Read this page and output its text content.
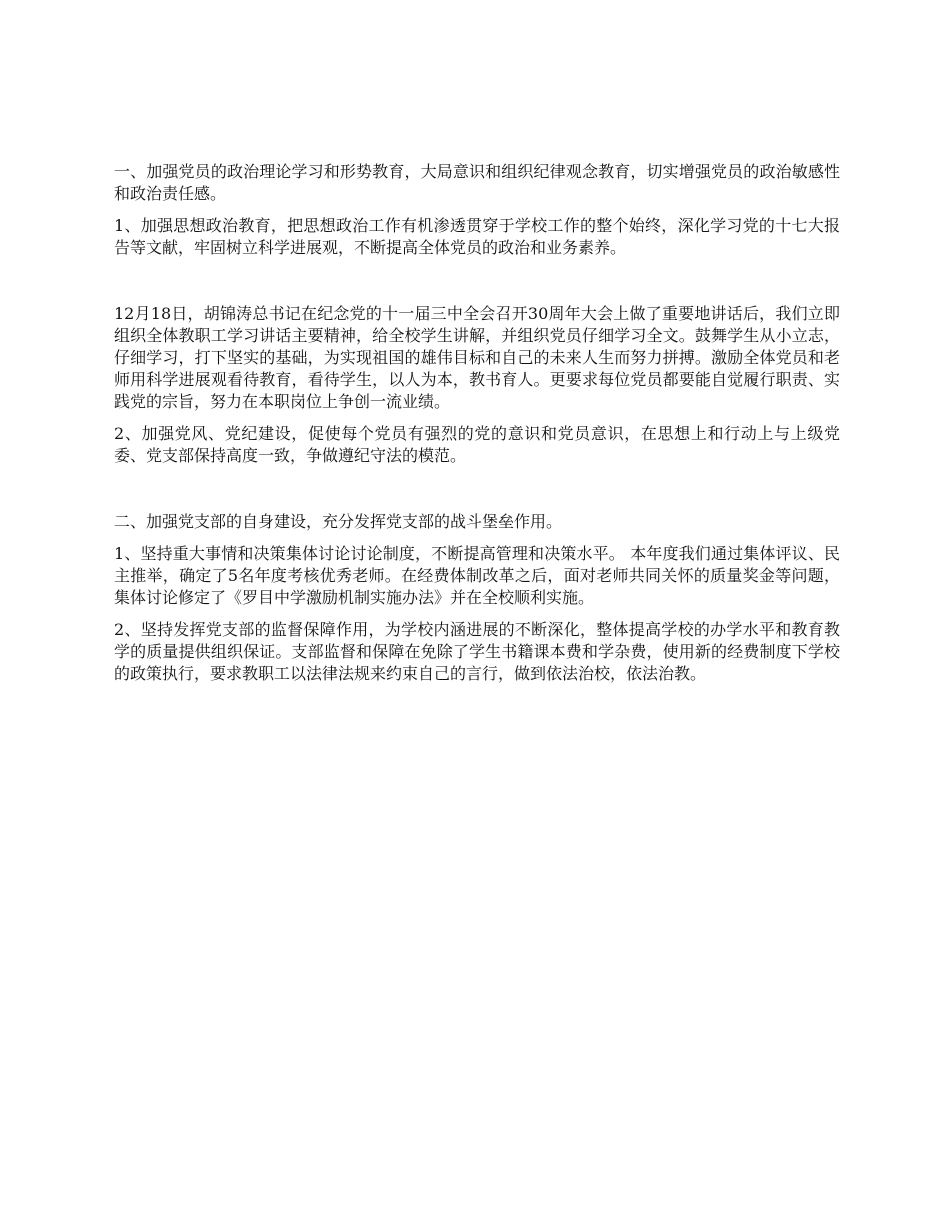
一、加强党员的政治理论学习和形势教育，大局意识和组织纪律观念教育，切实增强党员的政治敏感性和政治责任感。

1、加强思想政治教育，把思想政治工作有机渗透贯穿于学校工作的整个始终，深化学习党的十七大报告等文献，牢固树立科学进展观，不断提高全体党员的政治和业务素养。

12月18日，胡锦涛总书记在纪念党的十一届三中全会召开30周年大会上做了重要地讲话后，我们立即组织全体教职工学习讲话主要精神，给全校学生讲解，并组织党员仔细学习全文。鼓舞学生从小立志，仔细学习，打下坚实的基础，为实现祖国的雄伟目标和自己的未来人生而努力拼搏。激励全体党员和老师用科学进展观看待教育，看待学生，以人为本，教书育人。更要求每位党员都要能自觉履行职责、实践党的宗旨，努力在本职岗位上争创一流业绩。

2、加强党风、党纪建设，促使每个党员有强烈的党的意识和党员意识，在思想上和行动上与上级党委、党支部保持高度一致，争做遵纪守法的模范。

二、加强党支部的自身建设，充分发挥党支部的战斗堡垒作用。

1、坚持重大事情和决策集体讨论讨论制度，不断提高管理和决策水平。 本年度我们通过集体评议、民主推举，确定了5名年度考核优秀老师。在经费体制改革之后，面对老师共同关怀的质量奖金等问题，集体讨论修定了《罗目中学激励机制实施办法》并在全校顺利实施。

2、坚持发挥党支部的监督保障作用，为学校内涵进展的不断深化，整体提高学校的办学水平和教育教学的质量提供组织保证。支部监督和保障在免除了学生书籍课本费和学杂费，使用新的经费制度下学校的政策执行，要求教职工以法律法规来约束自己的言行，做到依法治校，依法治教。
